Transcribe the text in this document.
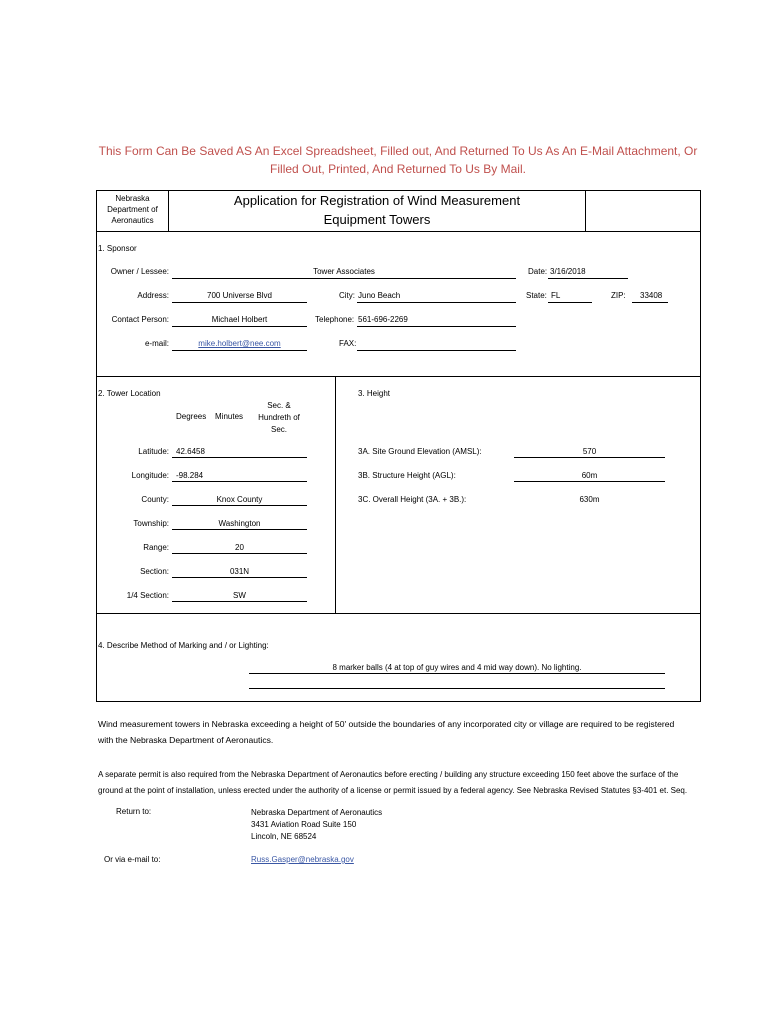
This Form Can Be Saved AS An Excel Spreadsheet, Filled out, And Returned To Us As An E-Mail Attachment, Or
Filled Out, Printed, And Returned To Us By Mail.
Nebraska
Department of
Aeronautics
Application for Registration of Wind Measurement
Equipment Towers
1. Sponsor
Owner / Lessee:	Tower Associates	Date: 3/16/2018
Address:	700 Universe Blvd	City: Juno Beach	State: FL	ZIP: 33408
Contact Person:	Michael Holbert	Telephone: 561-696-2269
e-mail:	mike.holbert@nee.com	FAX:
2. Tower Location
Degrees Minutes
Sec. &
Hundreth of
Sec.
Latitude: 42.6458
Longitude: -98.284
County:	Knox County
Township:	Washington
Range:	20
Section:	031N
1/4 Section:	SW
3. Height
3A. Site Ground Elevation (AMSL):	570
3B. Structure Height (AGL):	60m
3C. Overall Height (3A. + 3B.):	630m
4. Describe Method of Marking and / or Lighting:
8 marker balls (4 at top of guy wires and 4 mid way down). No lighting.
Wind measurement towers in Nebraska exceeding a height of 50' outside the boundaries of any incorporated city or village are required to be registered
with the Nebraska Department of Aeronautics.
A separate permit is also required from the Nebraska Department of Aeronautics before erecting / building any structure exceeding 150 feet above the surface of the
ground at the point of installation, unless erected under the authority of a license or permit issued by a federal agency. See Nebraska Revised Statutes §3-401 et. Seq.
Return to:	Nebraska Department of Aeronautics
3431 Aviation Road Suite 150
Lincoln, NE 68524
Or via e-mail to:	Russ.Gasper@nebraska.gov
